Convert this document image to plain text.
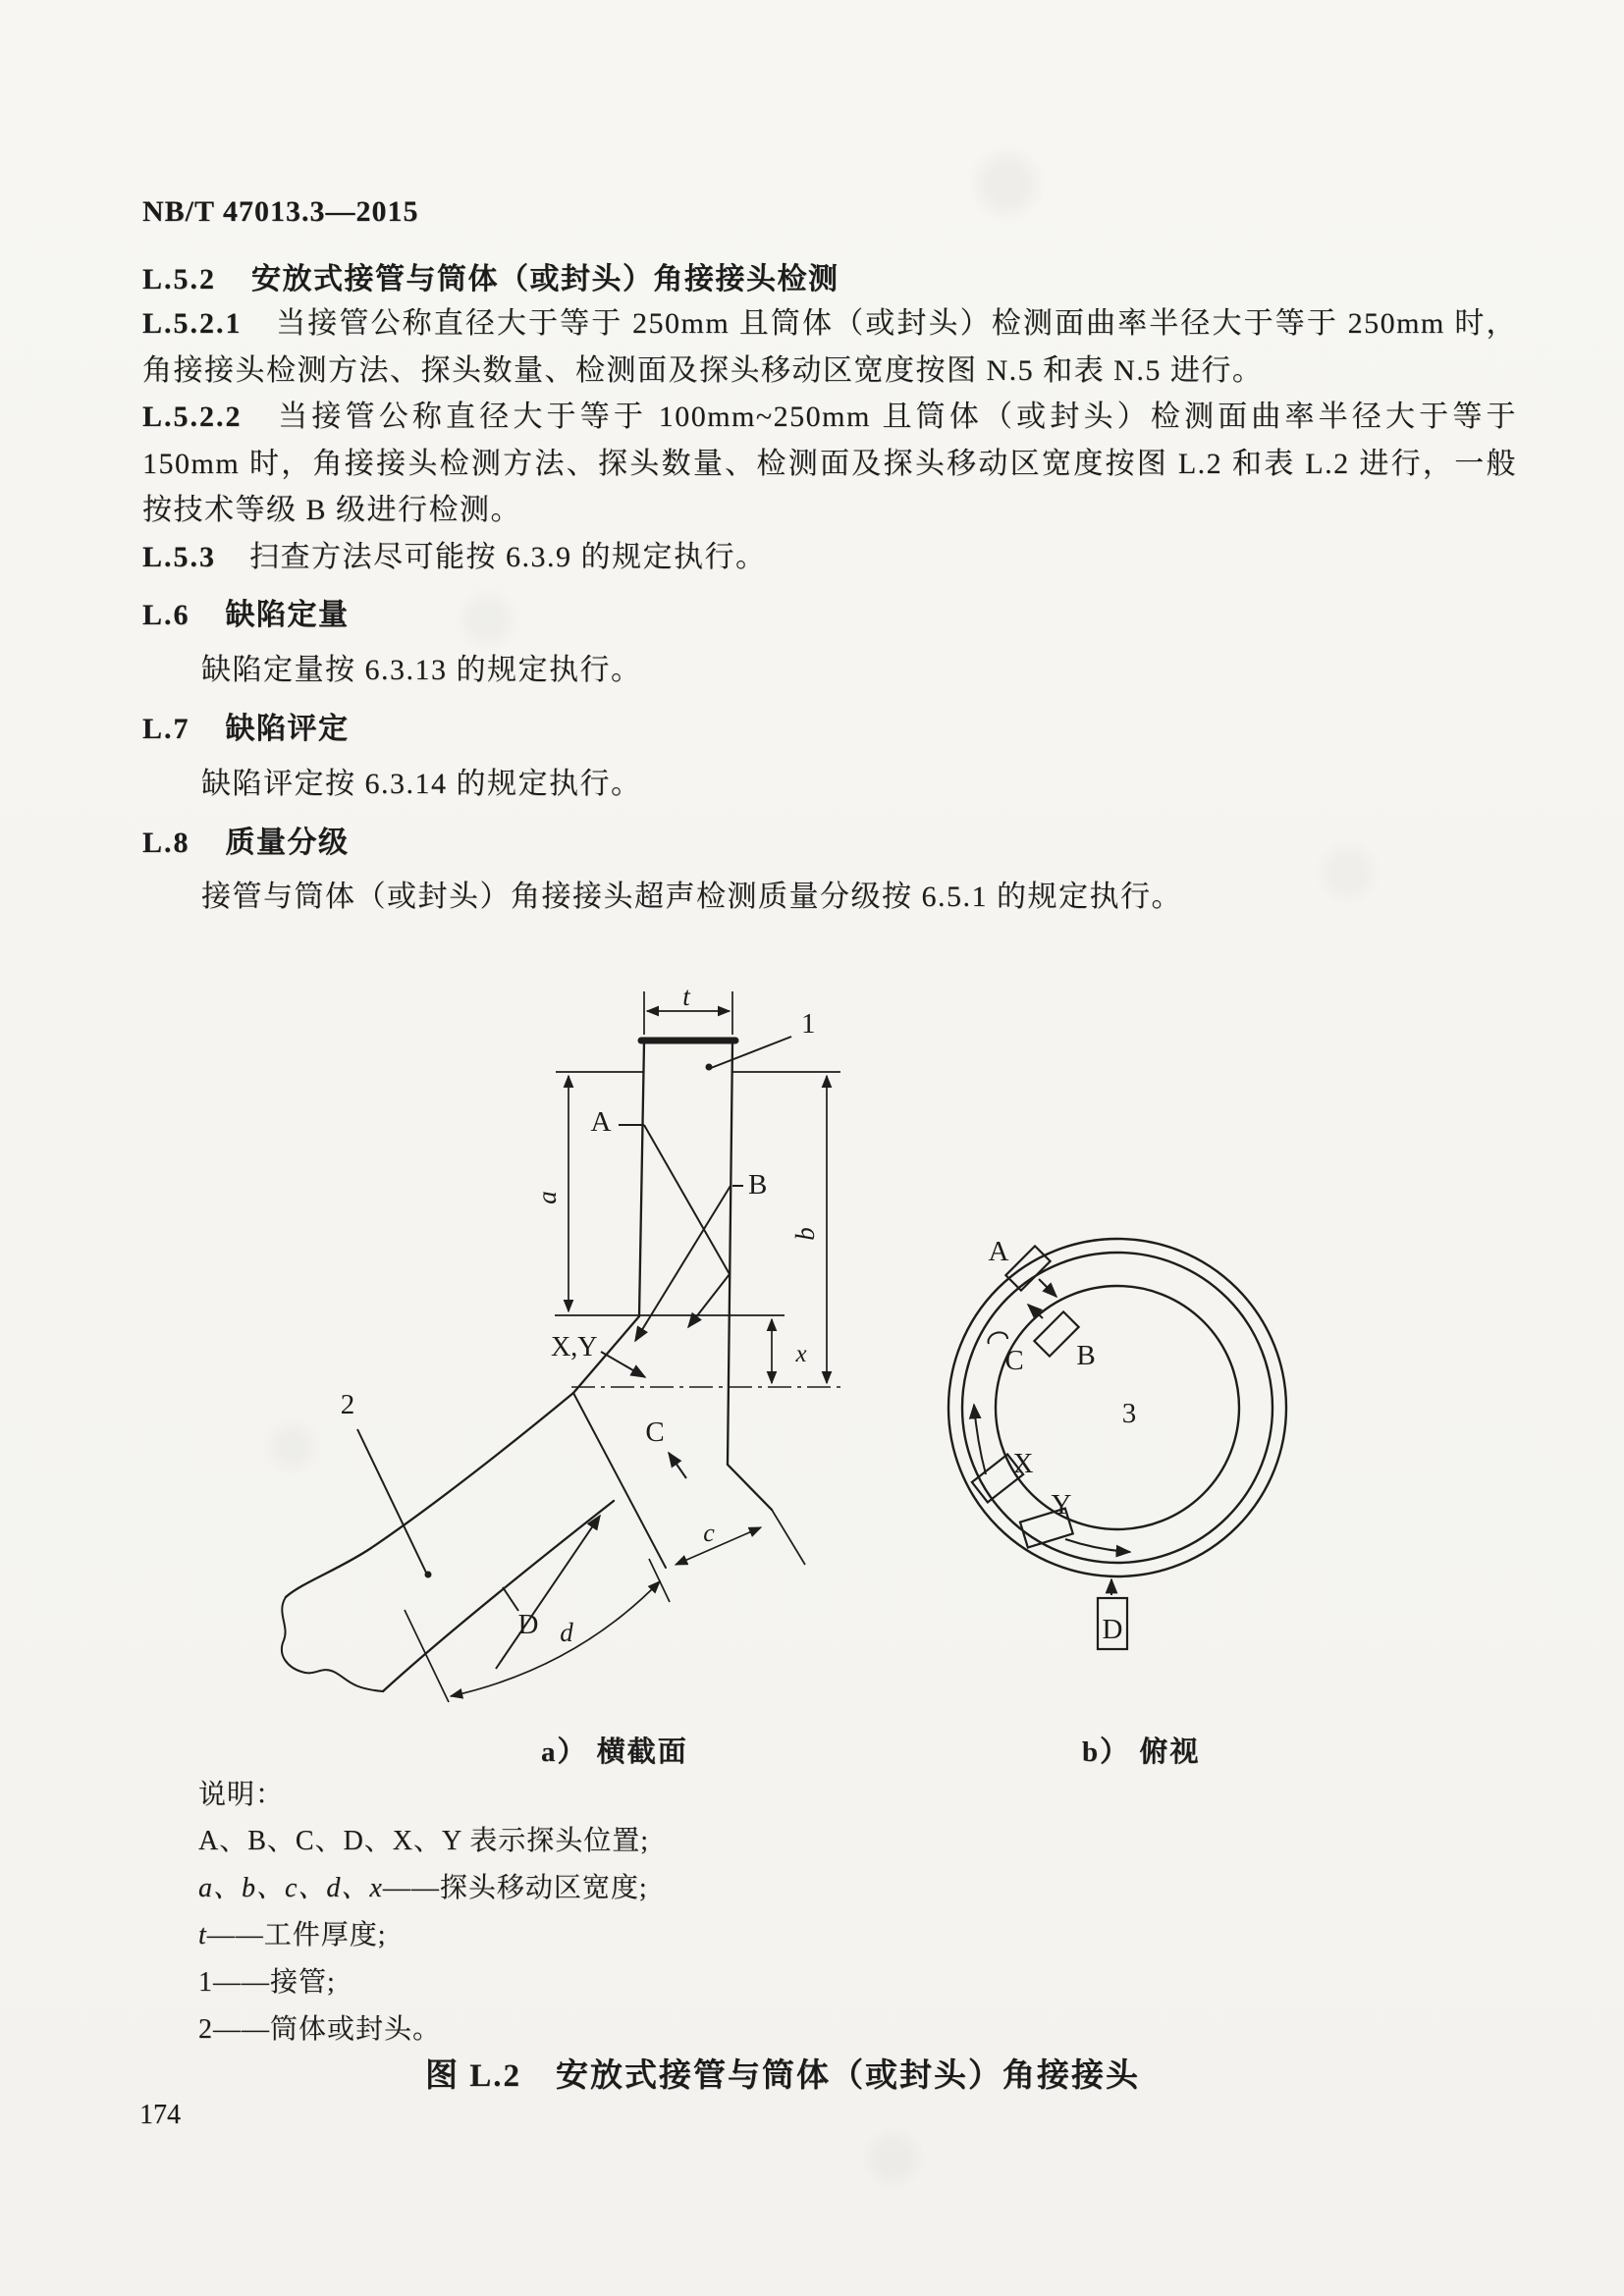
NB/T 47013.3—2015
L.5.2 安放式接管与筒体（或封头）角接接头检测
L.5.2.1 当接管公称直径大于等于 250mm 且筒体（或封头）检测面曲率半径大于等于 250mm 时，角接接头检测方法、探头数量、检测面及探头移动区宽度按图 N.5 和表 N.5 进行。
L.5.2.2 当接管公称直径大于等于 100mm~250mm 且筒体（或封头）检测面曲率半径大于等于 150mm 时，角接接头检测方法、探头数量、检测面及探头移动区宽度按图 L.2 和表 L.2 进行，一般按技术等级 B 级进行检测。
L.5.3 扫查方法尽可能按 6.3.9 的规定执行。
L.6 缺陷定量
缺陷定量按 6.3.13 的规定执行。
L.7 缺陷评定
缺陷评定按 6.3.14 的规定执行。
L.8 质量分级
接管与筒体（或封头）角接接头超声检测质量分级按 6.5.1 的规定执行。
t
1
a
b
x
A
B
X,Y
2
C
c
D d
A
B
C
3
X
Y
D
a） 横截面	b） 俯视
说明：
A、B、C、D、X、Y 表示探头位置;
a、b、c、d、x——探头移动区宽度;
t——工件厚度;
1——接管;
2——筒体或封头。
图 L.2　安放式接管与筒体（或封头）角接接头
174
